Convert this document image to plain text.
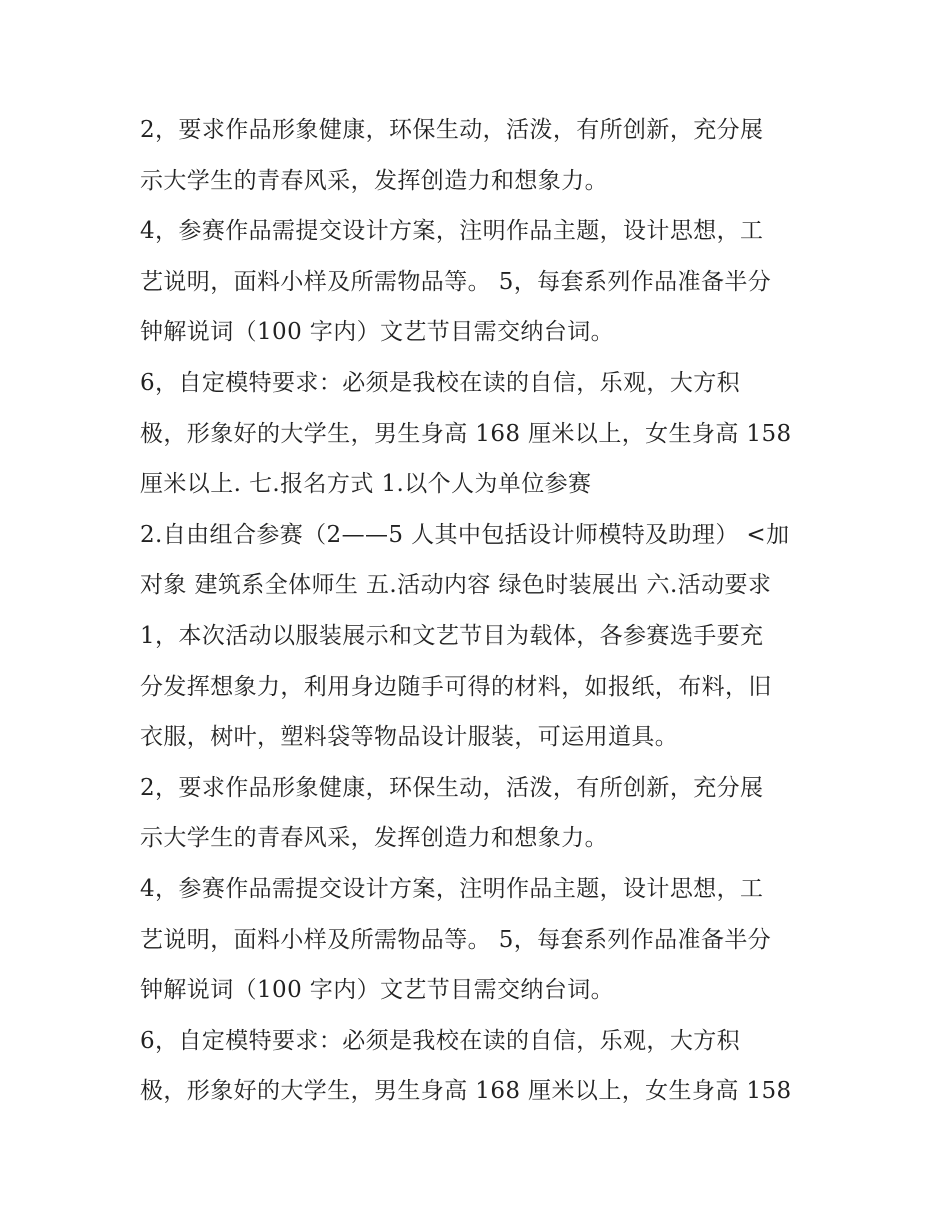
2，要求作品形象健康，环保生动，活泼，有所创新，充分展
示大学生的青春风采，发挥创造力和想象力。
4，参赛作品需提交设计方案，注明作品主题，设计思想，工
艺说明，面料小样及所需物品等。 5，每套系列作品准备半分
钟解说词（100 字内）文艺节目需交纳台词。
6，自定模特要求：必须是我校在读的自信，乐观，大方积
极，形象好的大学生，男生身高 168 厘米以上，女生身高 158
厘米以上. 七.报名方式 1.以个人为单位参赛
2.自由组合参赛（2——5 人其中包括设计师模特及助理） <加
对象 建筑系全体师生 五.活动内容 绿色时装展出 六.活动要求
1，本次活动以服装展示和文艺节目为载体，各参赛选手要充
分发挥想象力，利用身边随手可得的材料，如报纸，布料，旧
衣服，树叶，塑料袋等物品设计服装，可运用道具。
2，要求作品形象健康，环保生动，活泼，有所创新，充分展
示大学生的青春风采，发挥创造力和想象力。
4，参赛作品需提交设计方案，注明作品主题，设计思想，工
艺说明，面料小样及所需物品等。 5，每套系列作品准备半分
钟解说词（100 字内）文艺节目需交纳台词。
6，自定模特要求：必须是我校在读的自信，乐观，大方积
极，形象好的大学生，男生身高 168 厘米以上，女生身高 158
